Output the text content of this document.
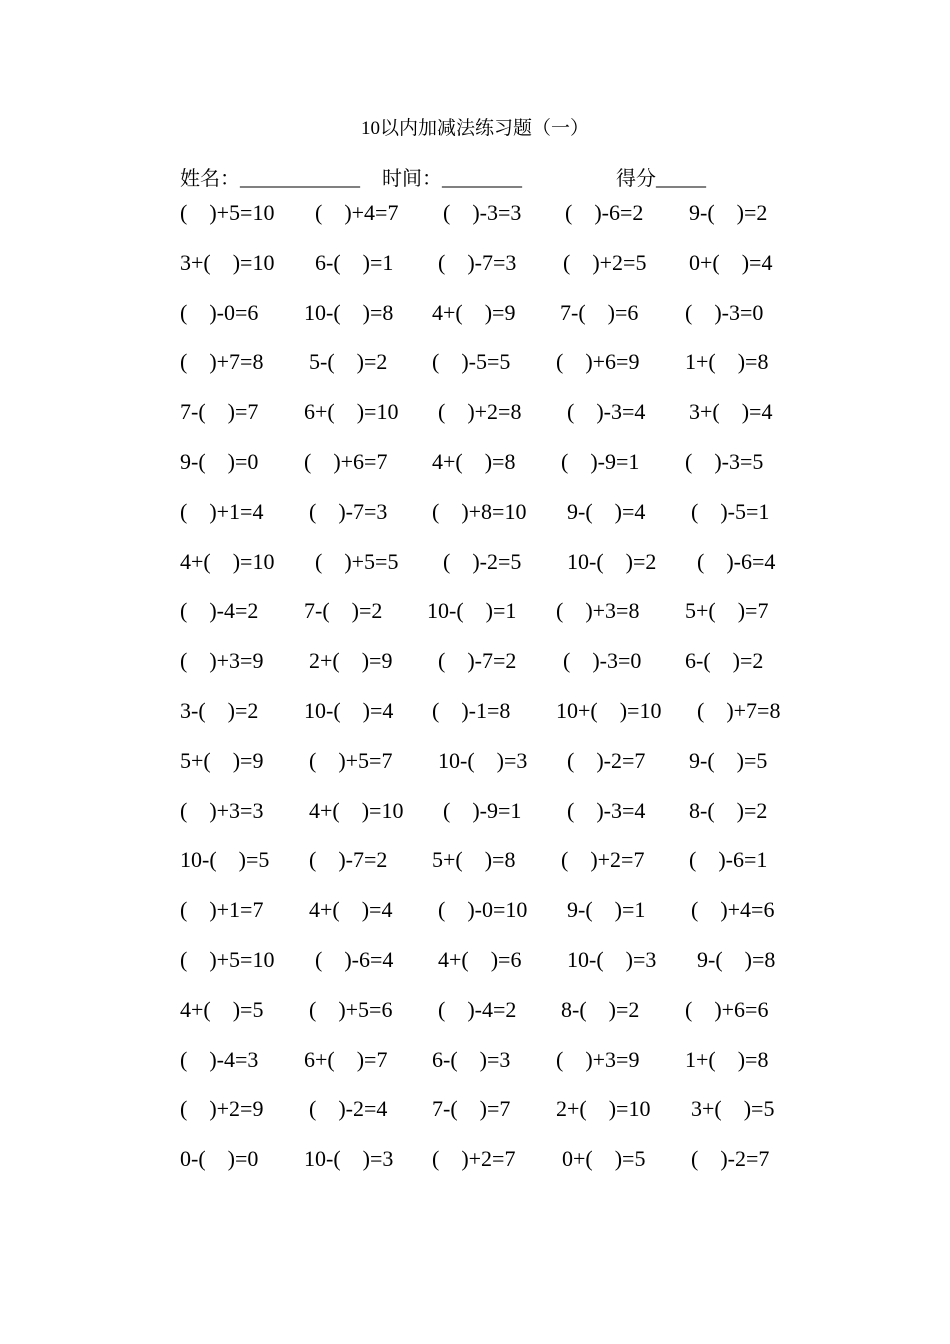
10以内加减法练习题（一）

姓名：____________

时间：________

	得分_____

(    )+5=10 (    )+4=7 (    )-3=3 (    )-6=2 9-(    )=2
3+(    )=10 6-(    )=1 (    )-7=3 (    )+2=5 0+(    )=4
(    )-0=6 10-(    )=8 4+(    )=9 7-(    )=6 (    )-3=0
(    )+7=8 5-(    )=2 (    )-5=5 (    )+6=9 1+(    )=8
7-(    )=7 6+(    )=10 (    )+2=8 (    )-3=4 3+(    )=4
9-(    )=0 (    )+6=7 4+(    )=8 (    )-9=1 (    )-3=5
(    )+1=4 (    )-7=3 (    )+8=10 9-(    )=4 (    )-5=1
4+(    )=10 (    )+5=5 (    )-2=5 10-(    )=2 (    )-6=4
(    )-4=2 7-(    )=2 10-(    )=1 (    )+3=8 5+(    )=7
(    )+3=9 2+(    )=9 (    )-7=2 (    )-3=0 6-(    )=2
3-(    )=2 10-(    )=4 (    )-1=8 10+(    )=10 (    )+7=8
5+(    )=9 (    )+5=7 10-(    )=3 (    )-2=7 9-(    )=5
(    )+3=3 4+(    )=10 (    )-9=1 (    )-3=4 8-(    )=2
10-(    )=5 (    )-7=2 5+(    )=8 (    )+2=7 (    )-6=1
(    )+1=7 4+(    )=4 (    )-0=10 9-(    )=1 (    )+4=6
(    )+5=10 (    )-6=4 4+(    )=6 10-(    )=3 9-(    )=8
4+(    )=5 (    )+5=6 (    )-4=2 8-(    )=2 (    )+6=6
(    )-4=3 6+(    )=7 6-(    )=3 (    )+3=9 1+(    )=8
(    )+2=9 (    )-2=4 7-(    )=7 2+(    )=10 3+(    )=5
0-(    )=0 10-(    )=3 (    )+2=7 0+(    )=5 (    )-2=7
